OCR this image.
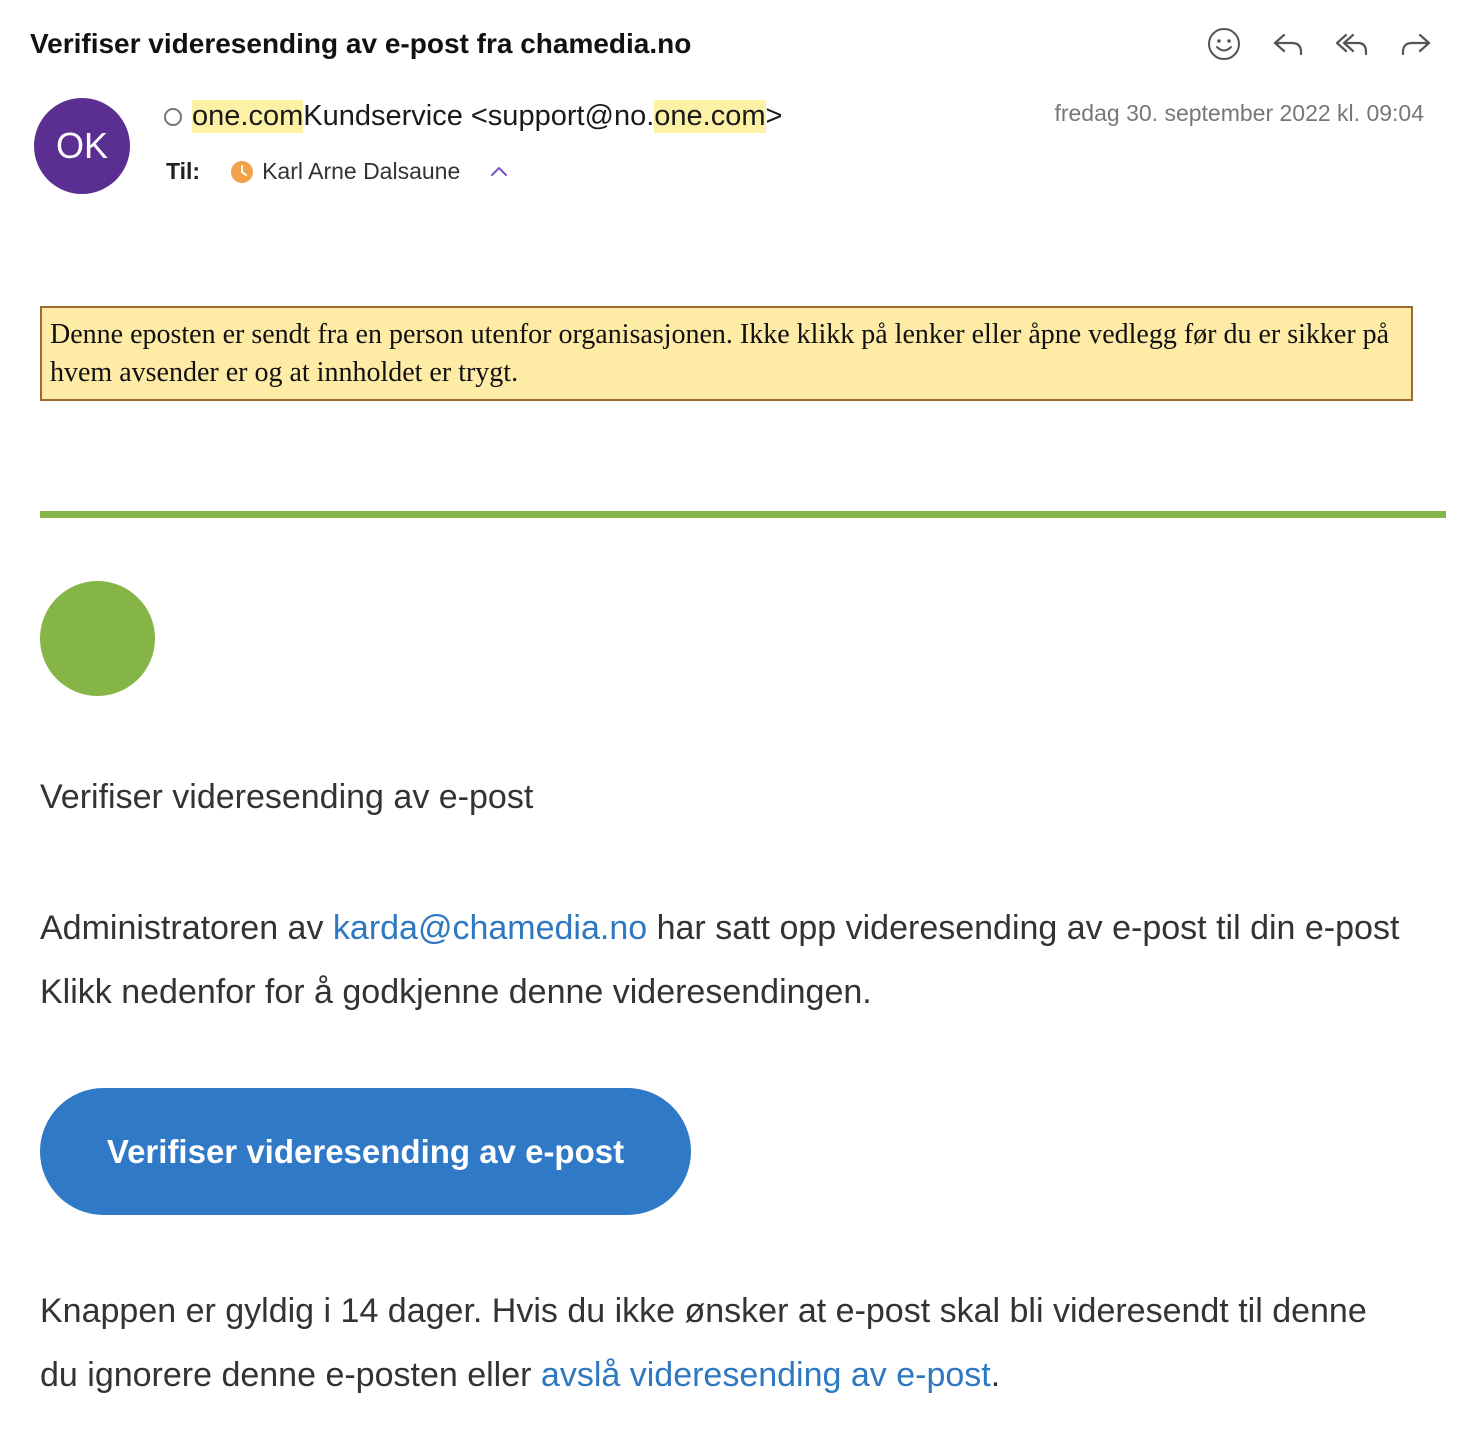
Verifiser videresending av e-post fra chamedia.no
OK
one.com Kundservice <support@no. one.com >	fredag 30. september 2022 kl. 09:04
Til:	Karl Arne Dalsaune
Denne eposten er sendt fra en person utenfor organisasjonen. Ikke klikk på lenker eller åpne vedlegg før du er sikker på hvem avsender er og at innholdet er trygt.
Verifiser videresending av e-post
Administratoren av karda@chamedia.no har satt opp videresending av e-post til din e-post
Klikk nedenfor for å godkjenne denne videresendingen.
Verifiser videresending av e-post
Knappen er gyldig i 14 dager. Hvis du ikke ønsker at e-post skal bli videresendt til denne
du ignorere denne e-posten eller avslå videresending av e-post.
